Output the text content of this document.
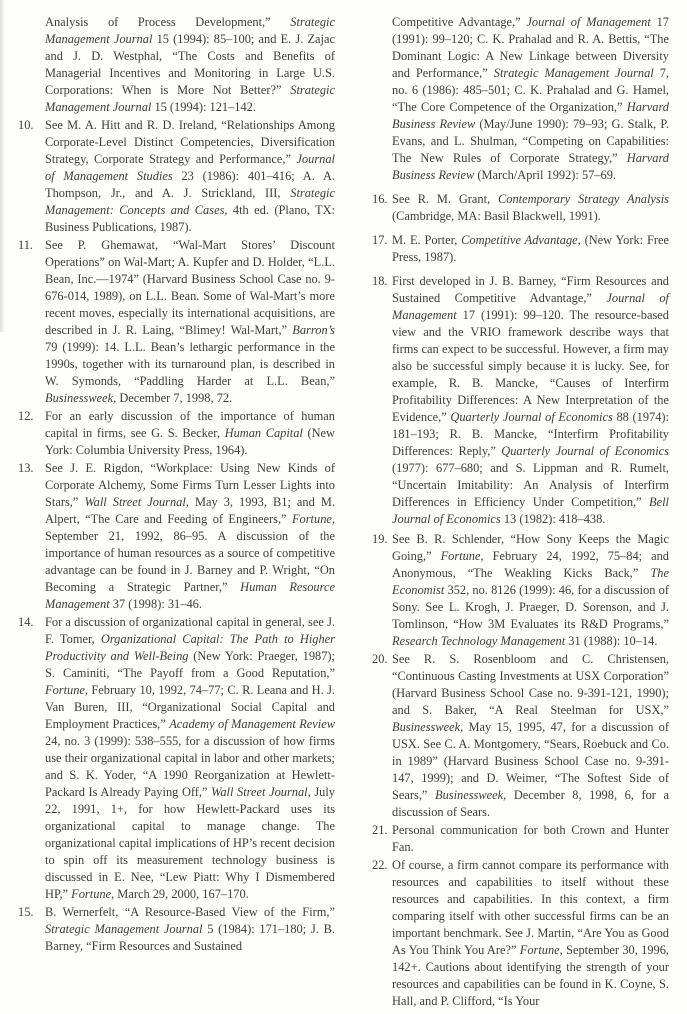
Analysis of Process Development,” Strategic Management Journal 15 (1994): 85–100; and E. J. Zajac and J. D. Westphal, “The Costs and Benefits of Managerial Incentives and Monitoring in Large U.S. Corporations: When is More Not Better?” Strategic Management Journal 15 (1994): 121–142.
10. See M. A. Hitt and R. D. Ireland, “Relationships Among Corporate-Level Distinct Competencies, Diversification Strategy, Corporate Strategy and Performance,” Journal of Management Studies 23 (1986): 401–416; A. A. Thompson, Jr., and A. J. Strickland, III, Strategic Management: Concepts and Cases, 4th ed. (Plano, TX: Business Publications, 1987).
11. See P. Ghemawat, “Wal-Mart Stores’ Discount Operations” on Wal-Mart; A. Kupfer and D. Holder, “L.L. Bean, Inc.—1974” (Harvard Business School Case no. 9-676-014, 1989), on L.L. Bean. Some of Wal-Mart’s more recent moves, especially its international acquisitions, are described in J. R. Laing, “Blimey! Wal-Mart,” Barron’s 79 (1999): 14. L.L. Bean’s lethargic performance in the 1990s, together with its turnaround plan, is described in W. Symonds, “Paddling Harder at L.L. Bean,” Businessweek, December 7, 1998, 72.
12. For an early discussion of the importance of human capital in firms, see G. S. Becker, Human Capital (New York: Columbia University Press, 1964).
13. See J. E. Rigdon, “Workplace: Using New Kinds of Corporate Alchemy, Some Firms Turn Lesser Lights into Stars,” Wall Street Journal, May 3, 1993, B1; and M. Alpert, “The Care and Feeding of Engineers,” Fortune, September 21, 1992, 86–95. A discussion of the importance of human resources as a source of competitive advantage can be found in J. Barney and P. Wright, “On Becoming a Strategic Partner,” Human Resource Management 37 (1998): 31–46.
14. For a discussion of organizational capital in general, see J. F. Tomer, Organizational Capital: The Path to Higher Productivity and Well-Being (New York: Praeger, 1987); S. Caminiti, “The Payoff from a Good Reputation,” Fortune, February 10, 1992, 74–77; C. R. Leana and H. J. Van Buren, III, “Organizational Social Capital and Employment Practices,” Academy of Management Review 24, no. 3 (1999): 538–555, for a discussion of how firms use their organizational capital in labor and other markets; and S. K. Yoder, “A 1990 Reorganization at Hewlett-Packard Is Already Paying Off,” Wall Street Journal, July 22, 1991, 1+, for how Hewlett-Packard uses its organizational capital to manage change. The organizational capital implications of HP’s recent decision to spin off its measurement technology business is discussed in E. Nee, “Lew Piatt: Why I Dismembered HP,” Fortune, March 29, 2000, 167–170.
15. B. Wernerfelt, “A Resource-Based View of the Firm,” Strategic Management Journal 5 (1984): 171–180; J. B. Barney, “Firm Resources and Sustained
Competitive Advantage,” Journal of Management 17 (1991): 99–120; C. K. Prahalad and R. A. Bettis, “The Dominant Logic: A New Linkage between Diversity and Performance,” Strategic Management Journal 7, no. 6 (1986): 485–501; C. K. Prahalad and G. Hamel, “The Core Competence of the Organization,” Harvard Business Review (May/June 1990): 79–93; G. Stalk, P. Evans, and L. Shulman, “Competing on Capabilities: The New Rules of Corporate Strategy,” Harvard Business Review (March/April 1992): 57–69.
16. See R. M. Grant, Contemporary Strategy Analysis (Cambridge, MA: Basil Blackwell, 1991).
17. M. E. Porter, Competitive Advantage, (New York: Free Press, 1987).
18. First developed in J. B. Barney, “Firm Resources and Sustained Competitive Advantage,” Journal of Management 17 (1991): 99–120. The resource-based view and the VRIO framework describe ways that firms can expect to be successful. However, a firm may also be successful simply because it is lucky. See, for example, R. B. Mancke, “Causes of Interfirm Profitability Differences: A New Interpretation of the Evidence,” Quarterly Journal of Economics 88 (1974): 181–193; R. B. Mancke, “Interfirm Profitability Differences: Reply,” Quarterly Journal of Economics (1977): 677–680; and S. Lippman and R. Rumelt, “Uncertain Imitability: An Analysis of Interfirm Differences in Efficiency Under Competition,” Bell Journal of Economics 13 (1982): 418–438.
19. See B. R. Schlender, “How Sony Keeps the Magic Going,” Fortune, February 24, 1992, 75–84; and Anonymous, “The Weakling Kicks Back,” The Economist 352, no. 8126 (1999): 46, for a discussion of Sony. See L. Krogh, J. Praeger, D. Sorenson, and J. Tomlinson, “How 3M Evaluates its R&D Programs,” Research Technology Management 31 (1988): 10–14.
20. See R. S. Rosenbloom and C. Christensen, “Continuous Casting Investments at USX Corporation” (Harvard Business School Case no. 9-391-121, 1990); and S. Baker, “A Real Steelman for USX,” Businessweek, May 15, 1995, 47, for a discussion of USX. See C. A. Montgomery, “Sears, Roebuck and Co. in 1989” (Harvard Business School Case no. 9-391-147, 1999); and D. Weimer, “The Softest Side of Sears,” Businessweek, December 8, 1998, 6, for a discussion of Sears.
21. Personal communication for both Crown and Hunter Fan.
22. Of course, a firm cannot compare its performance with resources and capabilities to itself without these resources and capabilities. In this context, a firm comparing itself with other successful firms can be an important benchmark. See J. Martin, “Are You as Good As You Think You Are?” Fortune, September 30, 1996, 142+. Cautions about identifying the strength of your resources and capabilities can be found in K. Coyne, S. Hall, and P. Clifford, “Is Your
